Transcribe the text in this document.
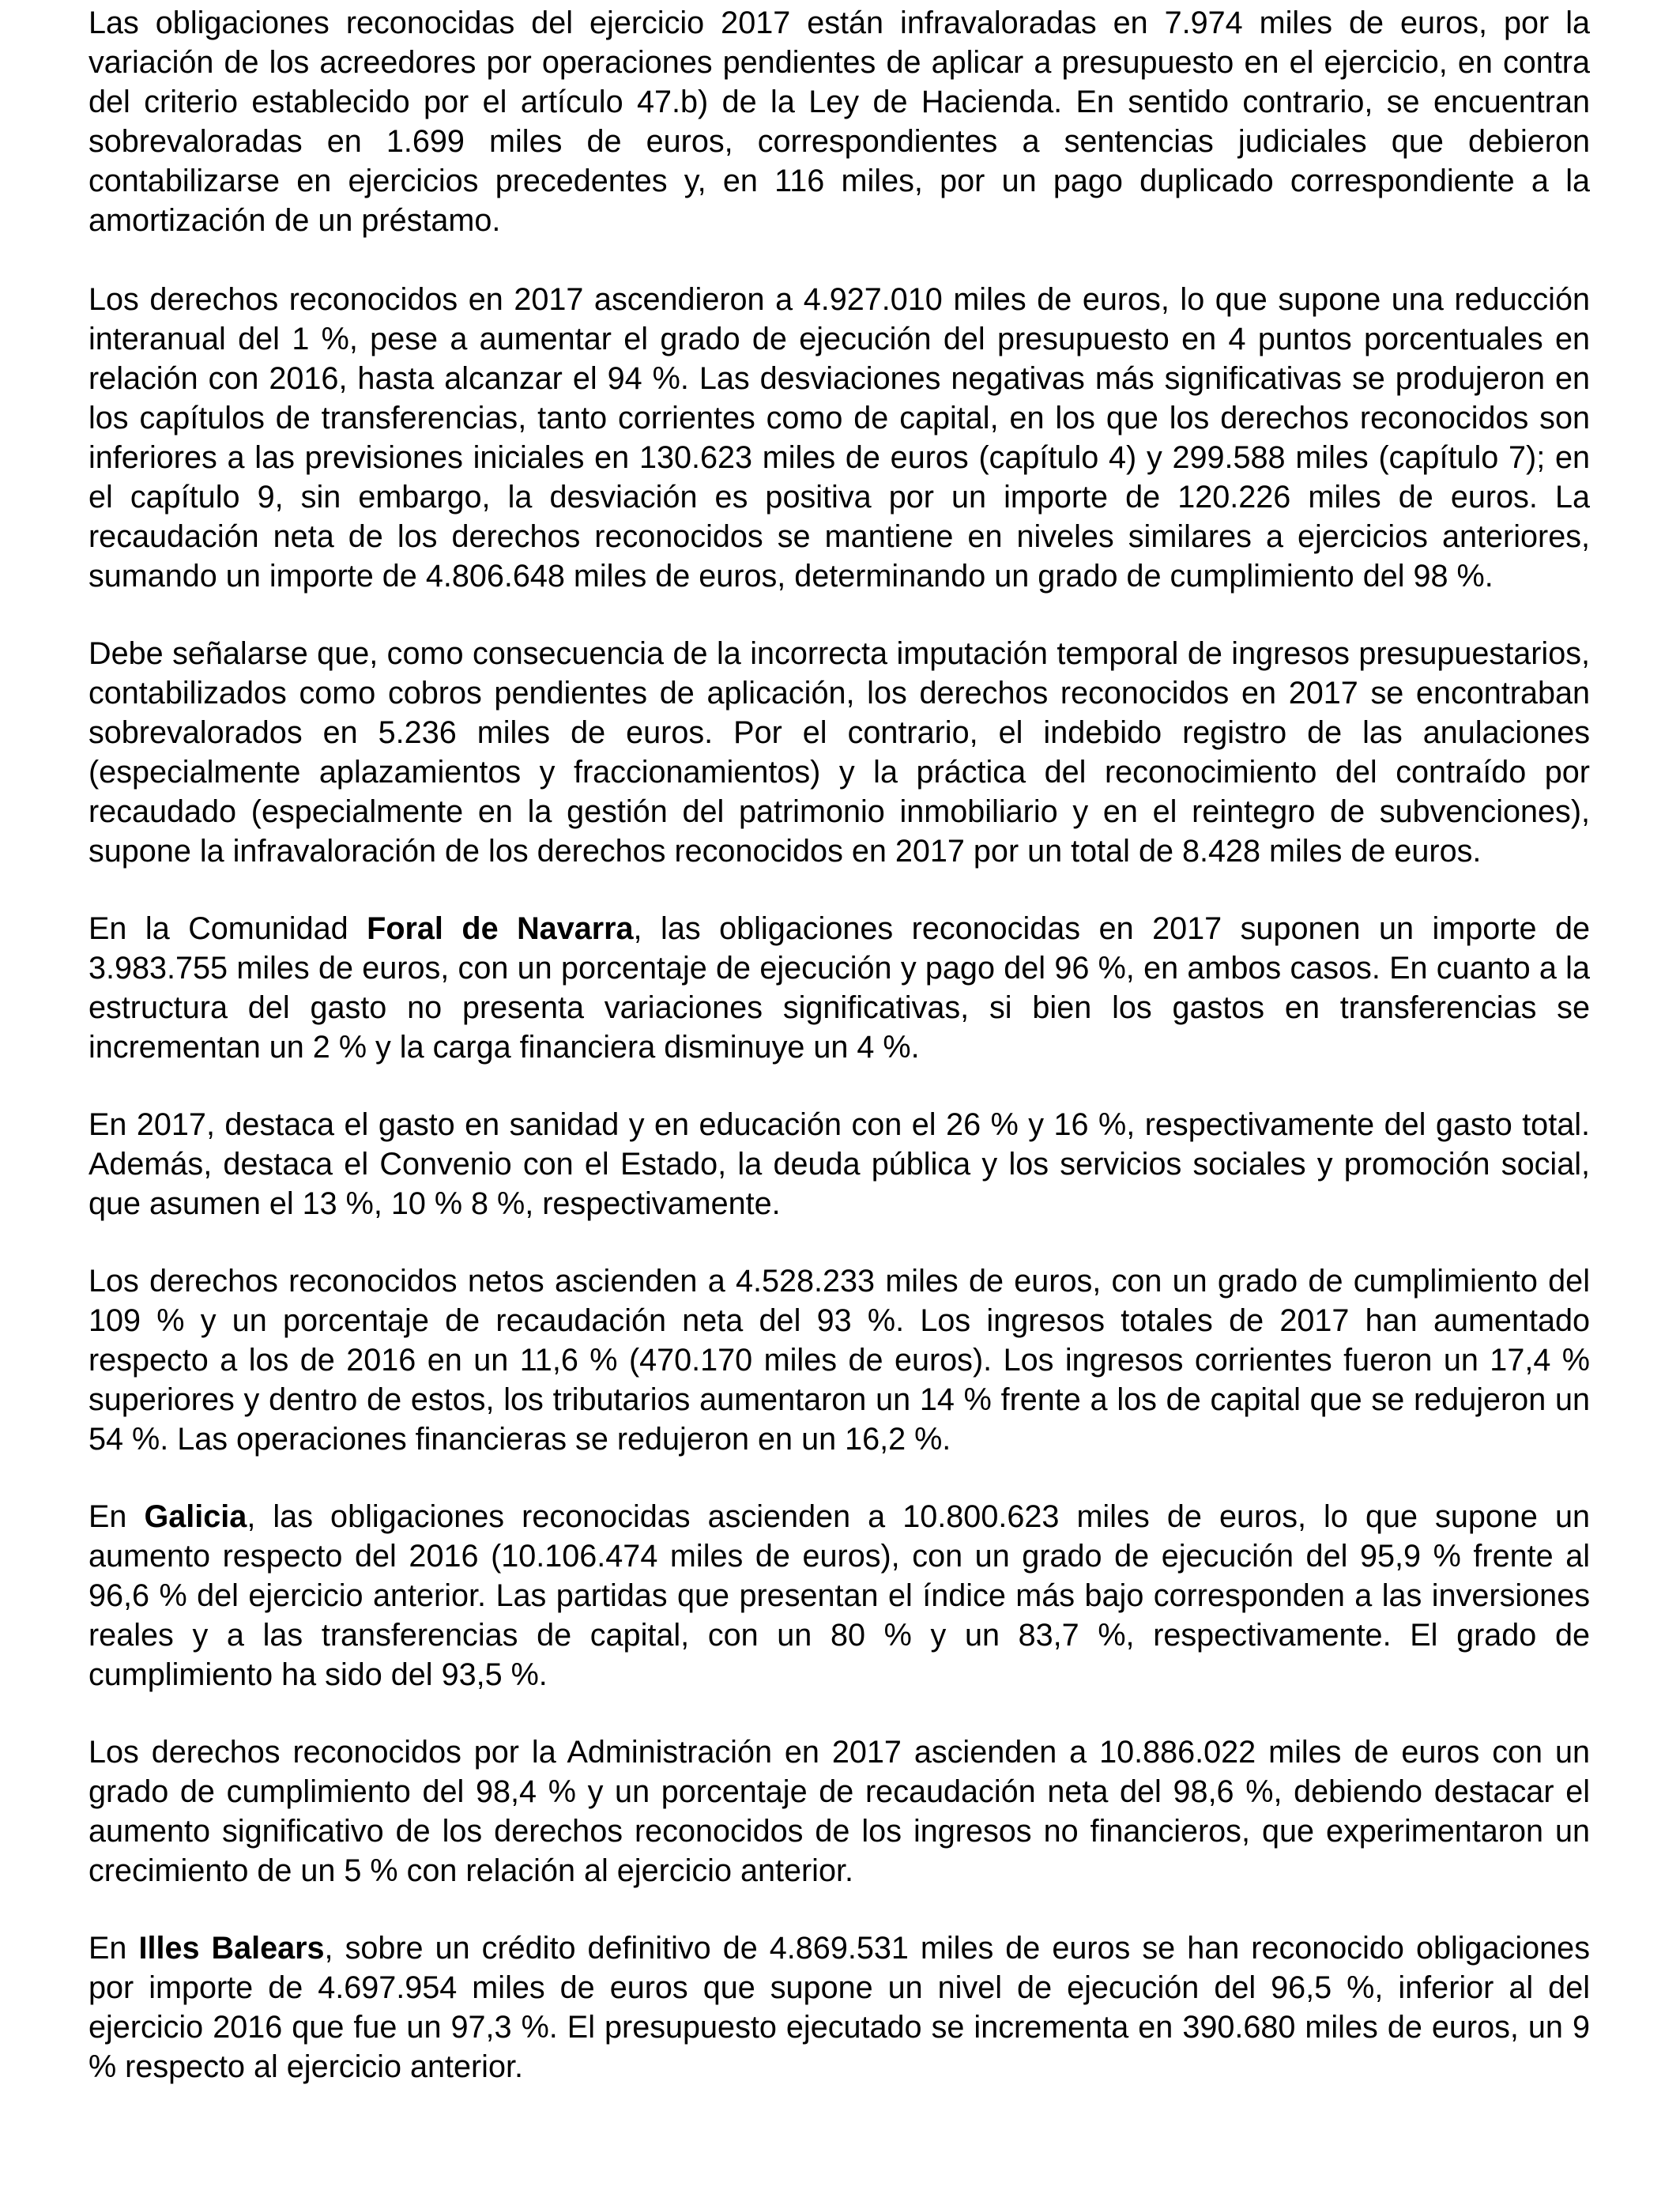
Las obligaciones reconocidas del ejercicio 2017 están infravaloradas en 7.974 miles de euros, por la variación de los acreedores por operaciones pendientes de aplicar a presupuesto en el ejercicio, en contra del criterio establecido por el artículo 47.b) de la Ley de Hacienda. En sentido contrario, se encuentran sobrevaloradas en 1.699 miles de euros, correspondientes a sentencias judiciales que debieron contabilizarse en ejercicios precedentes y, en 116 miles, por un pago duplicado correspondiente a la amortización de un préstamo.

Los derechos reconocidos en 2017 ascendieron a 4.927.010 miles de euros, lo que supone una reducción interanual del 1 %, pese a aumentar el grado de ejecución del presupuesto en 4 puntos porcentuales en relación con 2016, hasta alcanzar el 94 %. Las desviaciones negativas más significativas se produjeron en los capítulos de transferencias, tanto corrientes como de capital, en los que los derechos reconocidos son inferiores a las previsiones iniciales en 130.623 miles de euros (capítulo 4) y 299.588 miles (capítulo 7); en el capítulo 9, sin embargo, la desviación es positiva por un importe de 120.226 miles de euros. La recaudación neta de los derechos reconocidos se mantiene en niveles similares a ejercicios anteriores, sumando un importe de 4.806.648 miles de euros, determinando un grado de cumplimiento del 98 %.

Debe señalarse que, como consecuencia de la incorrecta imputación temporal de ingresos presupuestarios, contabilizados como cobros pendientes de aplicación, los derechos reconocidos en 2017 se encontraban sobrevalorados en 5.236 miles de euros. Por el contrario, el indebido registro de las anulaciones (especialmente aplazamientos y fraccionamientos) y la práctica del reconocimiento del contraído por recaudado (especialmente en la gestión del patrimonio inmobiliario y en el reintegro de subvenciones), supone la infravaloración de los derechos reconocidos en 2017 por un total de 8.428 miles de euros.

En la Comunidad Foral de Navarra, las obligaciones reconocidas en 2017 suponen un importe de 3.983.755 miles de euros, con un porcentaje de ejecución y pago del 96 %, en ambos casos. En cuanto a la estructura del gasto no presenta variaciones significativas, si bien los gastos en transferencias se incrementan un 2 % y la carga financiera disminuye un 4 %.

En 2017, destaca el gasto en sanidad y en educación con el 26 % y 16 %, respectivamente del gasto total. Además, destaca el Convenio con el Estado, la deuda pública y los servicios sociales y promoción social, que asumen el 13 %, 10 % 8 %, respectivamente.

Los derechos reconocidos netos ascienden a 4.528.233 miles de euros, con un grado de cumplimiento del 109 % y un porcentaje de recaudación neta del 93 %. Los ingresos totales de 2017 han aumentado respecto a los de 2016 en un 11,6 % (470.170 miles de euros). Los ingresos corrientes fueron un 17,4 % superiores y dentro de estos, los tributarios aumentaron un 14 % frente a los de capital que se redujeron un 54 %. Las operaciones financieras se redujeron en un 16,2 %.

En Galicia, las obligaciones reconocidas ascienden a 10.800.623 miles de euros, lo que supone un aumento respecto del 2016 (10.106.474 miles de euros), con un grado de ejecución del 95,9 % frente al 96,6 % del ejercicio anterior. Las partidas que presentan el índice más bajo corresponden a las inversiones reales y a las transferencias de capital, con un 80 % y un 83,7 %, respectivamente. El grado de cumplimiento ha sido del 93,5 %.

Los derechos reconocidos por la Administración en 2017 ascienden a 10.886.022 miles de euros con un grado de cumplimiento del 98,4 % y un porcentaje de recaudación neta del 98,6 %, debiendo destacar el aumento significativo de los derechos reconocidos de los ingresos no financieros, que experimentaron un crecimiento de un 5 % con relación al ejercicio anterior.

En Illes Balears, sobre un crédito definitivo de 4.869.531 miles de euros se han reconocido obligaciones por importe de 4.697.954 miles de euros que supone un nivel de ejecución del 96,5 %, inferior al del ejercicio 2016 que fue un 97,3 %. El presupuesto ejecutado se incrementa en 390.680 miles de euros, un 9 % respecto al ejercicio anterior.
